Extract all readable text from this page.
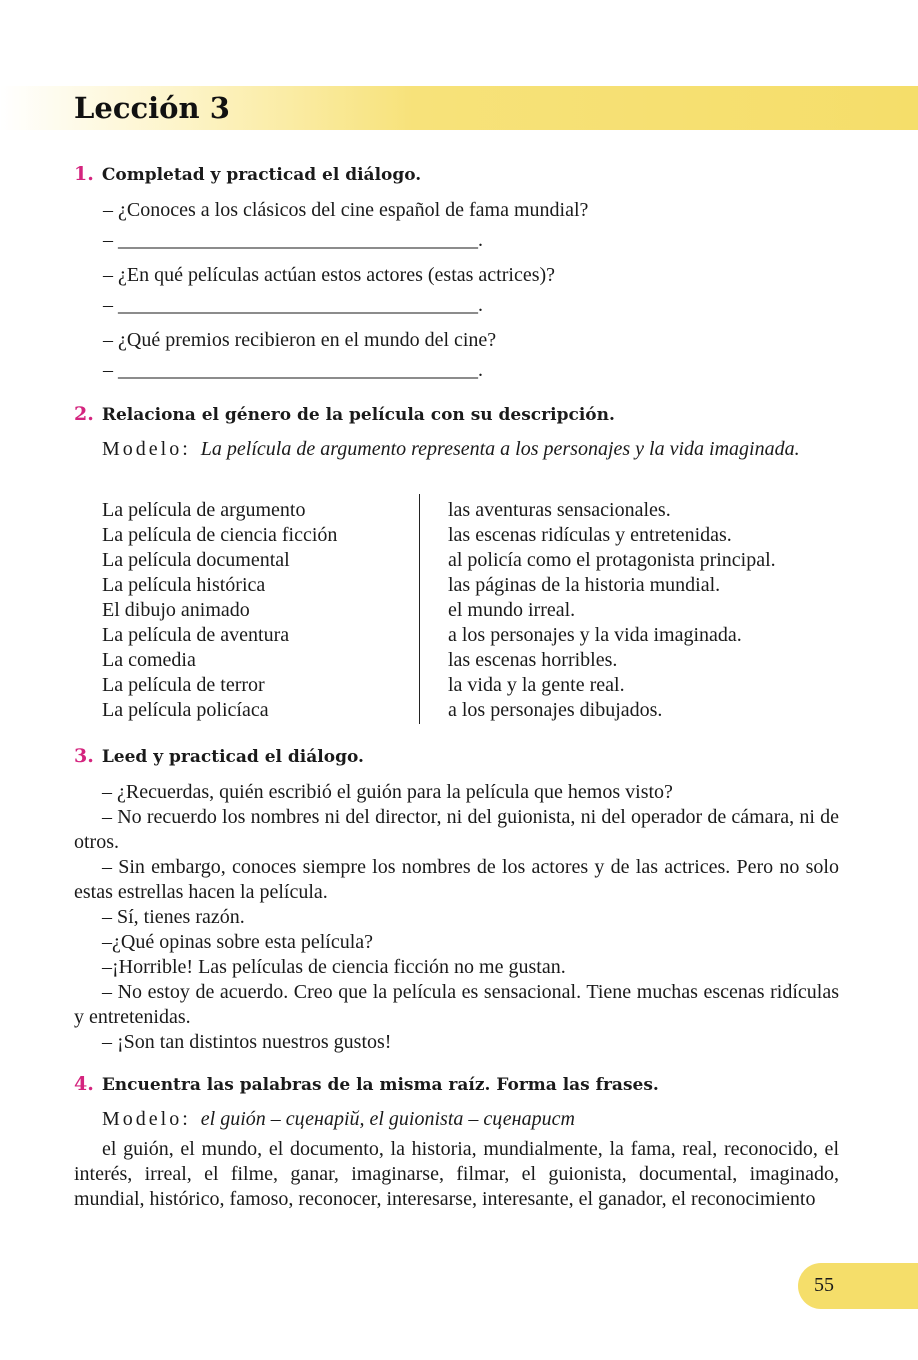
Lección 3
1. Completad y practicad el diálogo.
– ¿Conoces a los clásicos del cine español de fama mundial?
– ____________________________________.
– ¿En qué películas actúan estos actores (estas actrices)?
– ____________________________________.
– ¿Qué premios recibieron en el mundo del cine?
– ____________________________________.
2. Relaciona el género de la película con su descripción.
Modelo: La película de argumento representa a los personajes y la vida imaginada.
La película de argumento
La película de ciencia ficción
La película documental
La película histórica
El dibujo animado
La película de aventura
La comedia
La película de terror
La película policíaca
las aventuras sensacionales.
las escenas ridículas y entretenidas.
al policía como el protagonista principal.
las páginas de la historia mundial.
el mundo irreal.
a los personajes y la vida imaginada.
las escenas horribles.
la vida y la gente real.
a los personajes dibujados.
3. Leed y practicad el diálogo.
– ¿Recuerdas, quién escribió el guión para la película que hemos visto?
– No recuerdo los nombres ni del director, ni del guionista, ni del operador de cámara, ni de otros.
– Sin embargo, conoces siempre los nombres de los actores y de las actrices. Pero no solo estas estrellas hacen la película.
– Sí, tienes razón.
–¿Qué opinas sobre esta película?
–¡Horrible! Las películas de ciencia ficción no me gustan.
– No estoy de acuerdo. Creo que la película es sensacional. Tiene muchas escenas ridículas y entretenidas.
– ¡Son tan distintos nuestros gustos!
4. Encuentra las palabras de la misma raíz. Forma las frases.
Modelo: el guión – сценарій, el guionista – сценарист
el guión, el mundo, el documento, la historia, mundialmente, la fama, real, reconocido, el interés, irreal, el filme, ganar, imaginarse, filmar, el guionista, documental, imaginado, mundial, histórico, famoso, reconocer, interesarse, interesante, el ganador, el reconocimiento
55
